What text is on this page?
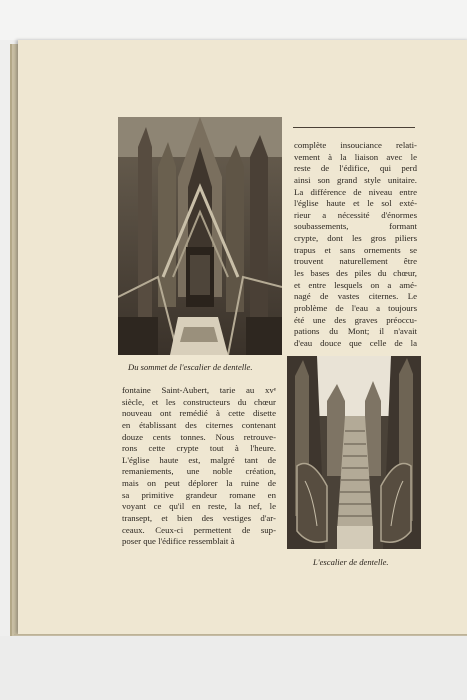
Du sommet de l'escalier de dentelle.
complète insouciance relati-
vement à la liaison avec le
reste de l'édifice, qui perd
ainsi son grand style unitaire.
La différence de niveau entre
l'église haute et le sol exté-
rieur a nécessité d'énormes
soubassements, formant
crypte, dont les gros piliers
trapus et sans ornements se
trouvent naturellement être
les bases des piles du chœur,
et entre lesquels on a amé-
nagé de vastes citernes. Le
problème de l'eau a toujours
été une des graves préoccu-
pations du Mont; il n'avait
d'eau douce que celle de la
fontaine Saint-Aubert, tarie au xvᵉ
siècle, et les constructeurs du chœur
nouveau ont remédié à cette disette
en établissant des citernes contenant
douze cents tonnes. Nous retrouve-
rons cette crypte tout à l'heure.
L'église haute est, malgré tant de
remaniements, une noble création,
mais on peut déplorer la ruine de
sa primitive grandeur romane en
voyant ce qu'il en reste, la nef, le
transept, et bien des vestiges d'ar-
ceaux. Ceux-ci permettent de sup-
poser que l'édifice ressemblait à
L'escalier de dentelle.
